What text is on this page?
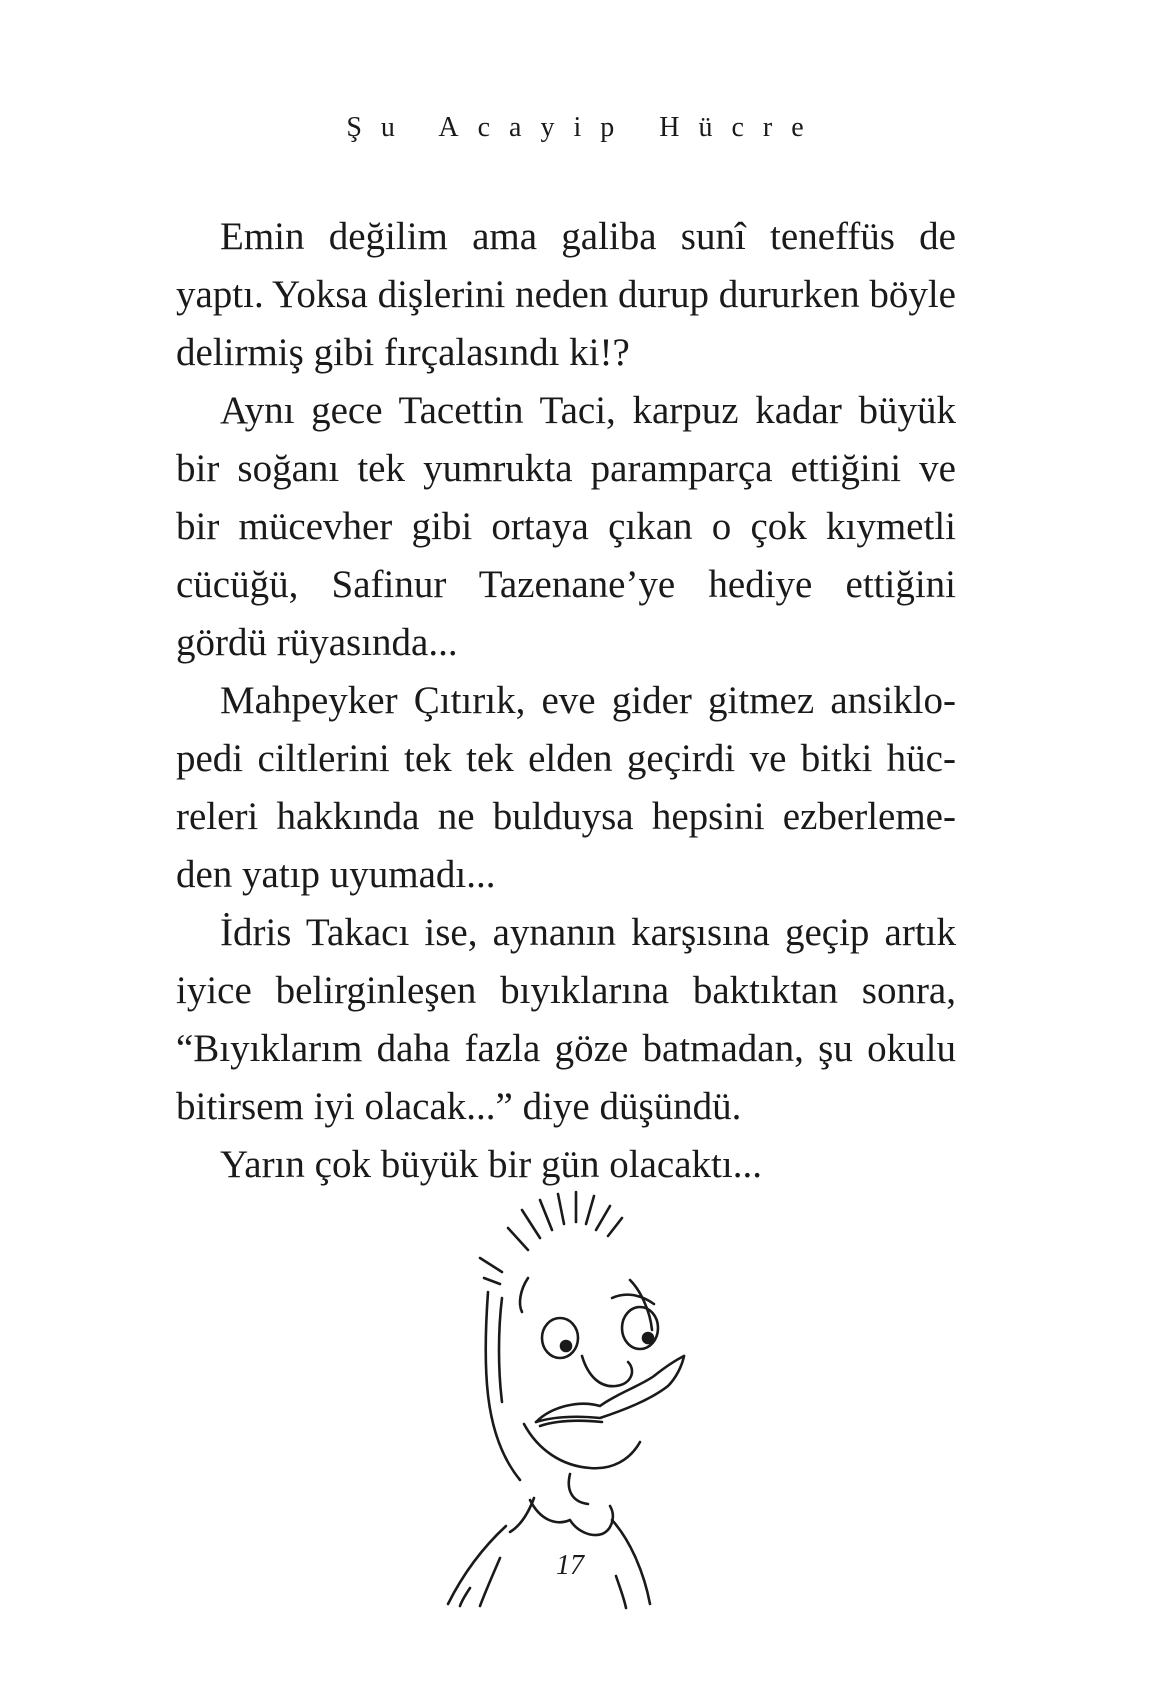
Şu Acayip Hücre

Emin değilim ama galiba sunî teneffüs de yaptı. Yoksa dişlerini neden durup dururken böyle delirmiş gibi fırçalasındı ki!?

Aynı gece Tacettin Taci, karpuz kadar büyük bir soğanı tek yumrukta paramparça ettiğini ve bir mücevher gibi ortaya çıkan o çok kıymetli cücüğü, Safinur Tazenane’ye hediye ettiğini gördü rüyasında...

Mahpeyker Çıtırık, eve gider gitmez ansiklopedi ciltlerini tek tek elden geçirdi ve bitki hücreleri hakkında ne bulduysa hepsini ezberlemeden yatıp uyumadı...

İdris Takacı ise, aynanın karşısına geçip artık iyice belirginleşen bıyıklarına baktıktan sonra, “Bıyıklarım daha fazla göze batmadan, şu okulu bitirsem iyi olacak...” diye düşündü.

Yarın çok büyük bir gün olacaktı...

17
